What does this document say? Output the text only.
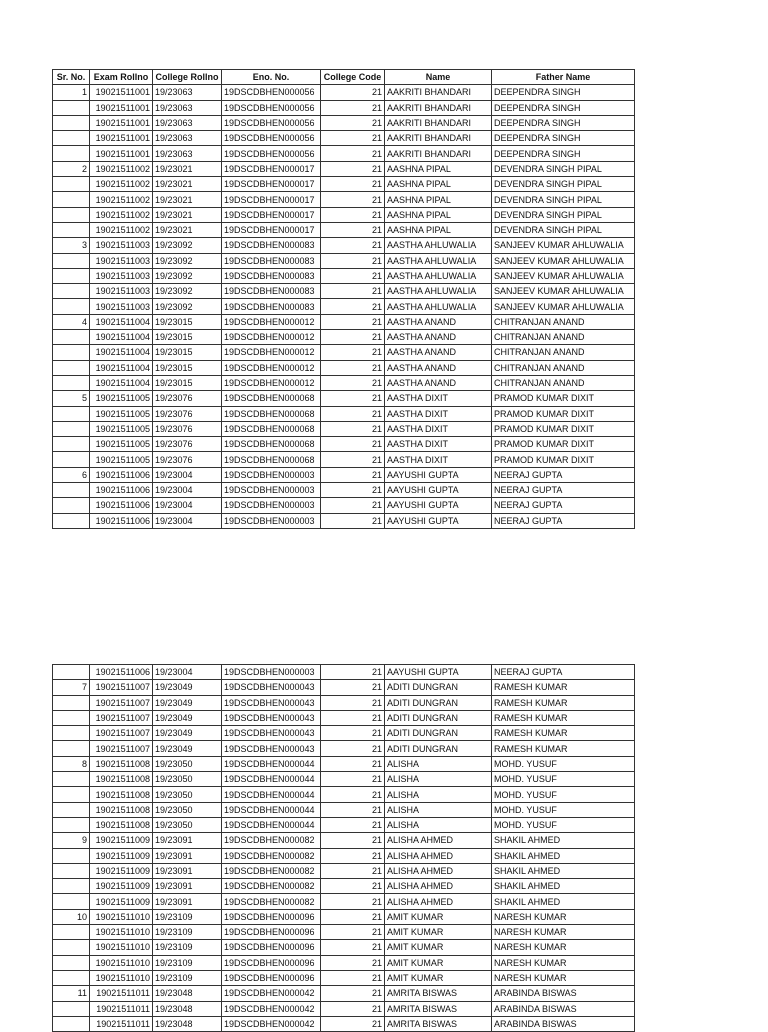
Sr. No.	Exam Rollno	College Rollno	Eno. No.	College Code	Name	Father Name
1	19021511001	19/23063	19DSCDBHEN000056	21	AAKRITI BHANDARI	DEEPENDRA SINGH
	19021511001	19/23063	19DSCDBHEN000056	21	AAKRITI BHANDARI	DEEPENDRA SINGH
	19021511001	19/23063	19DSCDBHEN000056	21	AAKRITI BHANDARI	DEEPENDRA SINGH
	19021511001	19/23063	19DSCDBHEN000056	21	AAKRITI BHANDARI	DEEPENDRA SINGH
	19021511001	19/23063	19DSCDBHEN000056	21	AAKRITI BHANDARI	DEEPENDRA SINGH
2	19021511002	19/23021	19DSCDBHEN000017	21	AASHNA PIPAL	DEVENDRA SINGH PIPAL
	19021511002	19/23021	19DSCDBHEN000017	21	AASHNA PIPAL	DEVENDRA SINGH PIPAL
	19021511002	19/23021	19DSCDBHEN000017	21	AASHNA PIPAL	DEVENDRA SINGH PIPAL
	19021511002	19/23021	19DSCDBHEN000017	21	AASHNA PIPAL	DEVENDRA SINGH PIPAL
	19021511002	19/23021	19DSCDBHEN000017	21	AASHNA PIPAL	DEVENDRA SINGH PIPAL
3	19021511003	19/23092	19DSCDBHEN000083	21	AASTHA AHLUWALIA	SANJEEV KUMAR AHLUWALIA
	19021511003	19/23092	19DSCDBHEN000083	21	AASTHA AHLUWALIA	SANJEEV KUMAR AHLUWALIA
	19021511003	19/23092	19DSCDBHEN000083	21	AASTHA AHLUWALIA	SANJEEV KUMAR AHLUWALIA
	19021511003	19/23092	19DSCDBHEN000083	21	AASTHA AHLUWALIA	SANJEEV KUMAR AHLUWALIA
	19021511003	19/23092	19DSCDBHEN000083	21	AASTHA AHLUWALIA	SANJEEV KUMAR AHLUWALIA
4	19021511004	19/23015	19DSCDBHEN000012	21	AASTHA ANAND	CHITRANJAN ANAND
	19021511004	19/23015	19DSCDBHEN000012	21	AASTHA ANAND	CHITRANJAN ANAND
	19021511004	19/23015	19DSCDBHEN000012	21	AASTHA ANAND	CHITRANJAN ANAND
	19021511004	19/23015	19DSCDBHEN000012	21	AASTHA ANAND	CHITRANJAN ANAND
	19021511004	19/23015	19DSCDBHEN000012	21	AASTHA ANAND	CHITRANJAN ANAND
5	19021511005	19/23076	19DSCDBHEN000068	21	AASTHA DIXIT	PRAMOD KUMAR DIXIT
	19021511005	19/23076	19DSCDBHEN000068	21	AASTHA DIXIT	PRAMOD KUMAR DIXIT
	19021511005	19/23076	19DSCDBHEN000068	21	AASTHA DIXIT	PRAMOD KUMAR DIXIT
	19021511005	19/23076	19DSCDBHEN000068	21	AASTHA DIXIT	PRAMOD KUMAR DIXIT
	19021511005	19/23076	19DSCDBHEN000068	21	AASTHA DIXIT	PRAMOD KUMAR DIXIT
6	19021511006	19/23004	19DSCDBHEN000003	21	AAYUSHI GUPTA	NEERAJ GUPTA
	19021511006	19/23004	19DSCDBHEN000003	21	AAYUSHI GUPTA	NEERAJ GUPTA
	19021511006	19/23004	19DSCDBHEN000003	21	AAYUSHI GUPTA	NEERAJ GUPTA
	19021511006	19/23004	19DSCDBHEN000003	21	AAYUSHI GUPTA	NEERAJ GUPTA
	19021511006	19/23004	19DSCDBHEN000003	21	AAYUSHI GUPTA	NEERAJ GUPTA
7	19021511007	19/23049	19DSCDBHEN000043	21	ADITI DUNGRAN	RAMESH KUMAR
	19021511007	19/23049	19DSCDBHEN000043	21	ADITI DUNGRAN	RAMESH KUMAR
	19021511007	19/23049	19DSCDBHEN000043	21	ADITI DUNGRAN	RAMESH KUMAR
	19021511007	19/23049	19DSCDBHEN000043	21	ADITI DUNGRAN	RAMESH KUMAR
	19021511007	19/23049	19DSCDBHEN000043	21	ADITI DUNGRAN	RAMESH KUMAR
8	19021511008	19/23050	19DSCDBHEN000044	21	ALISHA	MOHD. YUSUF
	19021511008	19/23050	19DSCDBHEN000044	21	ALISHA	MOHD. YUSUF
	19021511008	19/23050	19DSCDBHEN000044	21	ALISHA	MOHD. YUSUF
	19021511008	19/23050	19DSCDBHEN000044	21	ALISHA	MOHD. YUSUF
	19021511008	19/23050	19DSCDBHEN000044	21	ALISHA	MOHD. YUSUF
9	19021511009	19/23091	19DSCDBHEN000082	21	ALISHA AHMED	SHAKIL AHMED
	19021511009	19/23091	19DSCDBHEN000082	21	ALISHA AHMED	SHAKIL AHMED
	19021511009	19/23091	19DSCDBHEN000082	21	ALISHA AHMED	SHAKIL AHMED
	19021511009	19/23091	19DSCDBHEN000082	21	ALISHA AHMED	SHAKIL AHMED
	19021511009	19/23091	19DSCDBHEN000082	21	ALISHA AHMED	SHAKIL AHMED
10	19021511010	19/23109	19DSCDBHEN000096	21	AMIT KUMAR	NARESH KUMAR
	19021511010	19/23109	19DSCDBHEN000096	21	AMIT KUMAR	NARESH KUMAR
	19021511010	19/23109	19DSCDBHEN000096	21	AMIT KUMAR	NARESH KUMAR
	19021511010	19/23109	19DSCDBHEN000096	21	AMIT KUMAR	NARESH KUMAR
	19021511010	19/23109	19DSCDBHEN000096	21	AMIT KUMAR	NARESH KUMAR
11	19021511011	19/23048	19DSCDBHEN000042	21	AMRITA BISWAS	ARABINDA BISWAS
	19021511011	19/23048	19DSCDBHEN000042	21	AMRITA BISWAS	ARABINDA BISWAS
	19021511011	19/23048	19DSCDBHEN000042	21	AMRITA BISWAS	ARABINDA BISWAS
